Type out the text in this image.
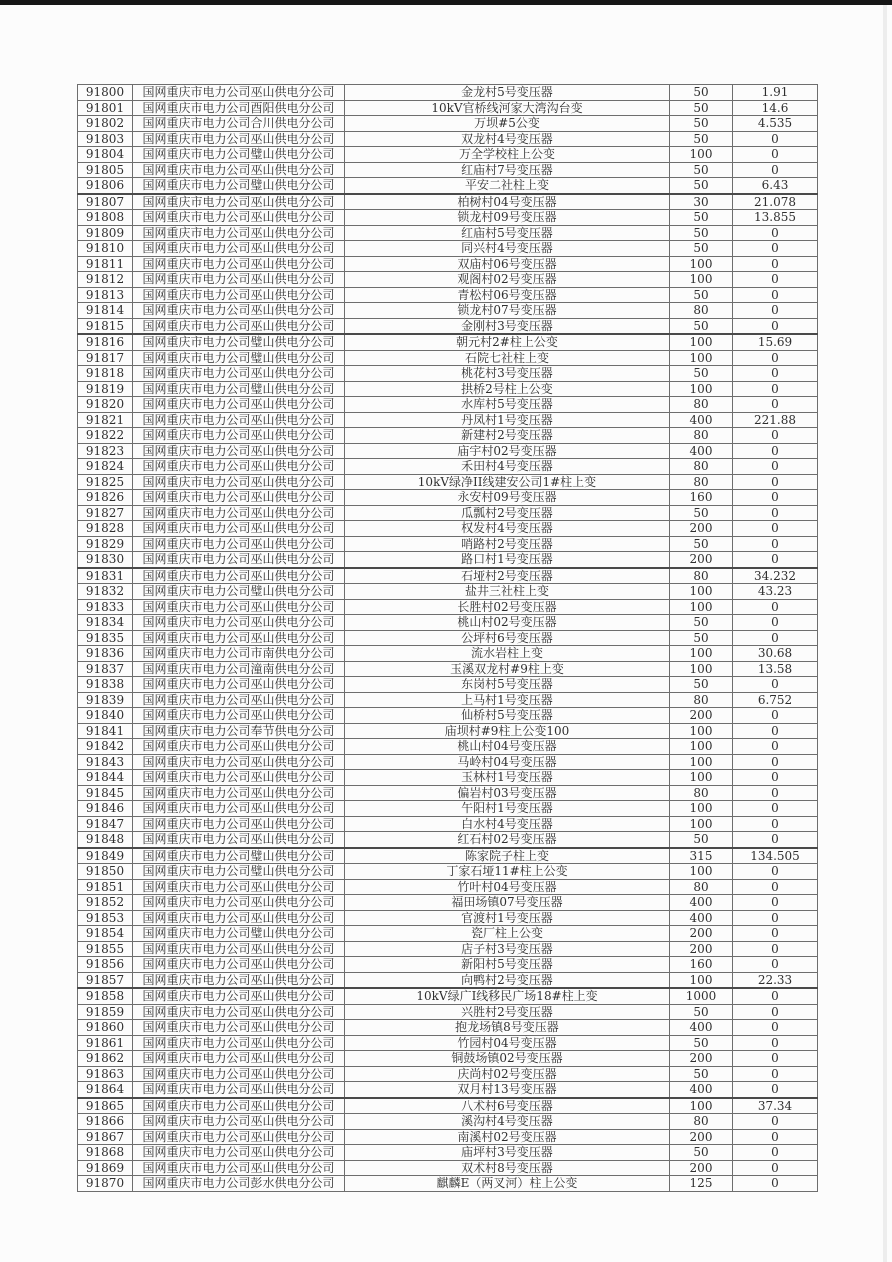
91800	国网重庆市电力公司巫山供电分公司	金龙村5号变压器	50	1.91
91801	国网重庆市电力公司酉阳供电分公司	10kV官桥线河家大湾沟台变	50	14.6
91802	国网重庆市电力公司合川供电分公司	万坝#5公变	50	4.535
91803	国网重庆市电力公司巫山供电分公司	双龙村4号变压器	50	0
91804	国网重庆市电力公司璧山供电分公司	万全学校柱上公变	100	0
91805	国网重庆市电力公司巫山供电分公司	红庙村7号变压器	50	0
91806	国网重庆市电力公司璧山供电分公司	平安二社柱上变	50	6.43
91807	国网重庆市电力公司巫山供电分公司	柏树村04号变压器	30	21.078
91808	国网重庆市电力公司巫山供电分公司	锁龙村09号变压器	50	13.855
91809	国网重庆市电力公司巫山供电分公司	红庙村5号变压器	50	0
91810	国网重庆市电力公司巫山供电分公司	同兴村4号变压器	50	0
91811	国网重庆市电力公司巫山供电分公司	双庙村06号变压器	100	0
91812	国网重庆市电力公司巫山供电分公司	观阁村02号变压器	100	0
91813	国网重庆市电力公司巫山供电分公司	青松村06号变压器	50	0
91814	国网重庆市电力公司巫山供电分公司	锁龙村07号变压器	80	0
91815	国网重庆市电力公司巫山供电分公司	金刚村3号变压器	50	0
91816	国网重庆市电力公司璧山供电分公司	朝元村2#柱上公变	100	15.69
91817	国网重庆市电力公司璧山供电分公司	石院七社柱上变	100	0
91818	国网重庆市电力公司巫山供电分公司	桃花村3号变压器	50	0
91819	国网重庆市电力公司璧山供电分公司	拱桥2号柱上公变	100	0
91820	国网重庆市电力公司巫山供电分公司	水库村5号变压器	80	0
91821	国网重庆市电力公司巫山供电分公司	丹凤村1号变压器	400	221.88
91822	国网重庆市电力公司巫山供电分公司	新建村2号变压器	80	0
91823	国网重庆市电力公司巫山供电分公司	庙宇村02号变压器	400	0
91824	国网重庆市电力公司巫山供电分公司	禾田村4号变压器	80	0
91825	国网重庆市电力公司巫山供电分公司	10kV绿净II线建安公司1#柱上变	80	0
91826	国网重庆市电力公司巫山供电分公司	永安村09号变压器	160	0
91827	国网重庆市电力公司巫山供电分公司	瓜瓢村2号变压器	50	0
91828	国网重庆市电力公司巫山供电分公司	权发村4号变压器	200	0
91829	国网重庆市电力公司巫山供电分公司	哨路村2号变压器	50	0
91830	国网重庆市电力公司巫山供电分公司	路口村1号变压器	200	0
91831	国网重庆市电力公司巫山供电分公司	石垭村2号变压器	80	34.232
91832	国网重庆市电力公司璧山供电分公司	盐井三社柱上变	100	43.23
91833	国网重庆市电力公司巫山供电分公司	长胜村02号变压器	100	0
91834	国网重庆市电力公司巫山供电分公司	桃山村02号变压器	50	0
91835	国网重庆市电力公司巫山供电分公司	公坪村6号变压器	50	0
91836	国网重庆市电力公司市南供电分公司	流水岩柱上变	100	30.68
91837	国网重庆市电力公司潼南供电分公司	玉溪双龙村#9柱上变	100	13.58
91838	国网重庆市电力公司巫山供电分公司	东岗村5号变压器	50	0
91839	国网重庆市电力公司巫山供电分公司	上马村1号变压器	80	6.752
91840	国网重庆市电力公司巫山供电分公司	仙桥村5号变压器	200	0
91841	国网重庆市电力公司奉节供电分公司	庙坝村#9柱上公变100	100	0
91842	国网重庆市电力公司巫山供电分公司	桃山村04号变压器	100	0
91843	国网重庆市电力公司巫山供电分公司	马岭村04号变压器	100	0
91844	国网重庆市电力公司巫山供电分公司	玉林村1号变压器	100	0
91845	国网重庆市电力公司巫山供电分公司	偏岩村03号变压器	80	0
91846	国网重庆市电力公司巫山供电分公司	午阳村1号变压器	100	0
91847	国网重庆市电力公司巫山供电分公司	白水村4号变压器	100	0
91848	国网重庆市电力公司巫山供电分公司	红石村02号变压器	50	0
91849	国网重庆市电力公司璧山供电分公司	陈家院子柱上变	315	134.505
91850	国网重庆市电力公司璧山供电分公司	丁家石垭11#柱上公变	100	0
91851	国网重庆市电力公司巫山供电分公司	竹叶村04号变压器	80	0
91852	国网重庆市电力公司巫山供电分公司	福田场镇07号变压器	400	0
91853	国网重庆市电力公司巫山供电分公司	官渡村1号变压器	400	0
91854	国网重庆市电力公司璧山供电分公司	瓷厂柱上公变	200	0
91855	国网重庆市电力公司巫山供电分公司	店子村3号变压器	200	0
91856	国网重庆市电力公司巫山供电分公司	新阳村5号变压器	160	0
91857	国网重庆市电力公司巫山供电分公司	向鸭村2号变压器	100	22.33
91858	国网重庆市电力公司巫山供电分公司	10kV绿广I线移民广场18#柱上变	1000	0
91859	国网重庆市电力公司巫山供电分公司	兴胜村2号变压器	50	0
91860	国网重庆市电力公司巫山供电分公司	抱龙场镇8号变压器	400	0
91861	国网重庆市电力公司巫山供电分公司	竹园村04号变压器	50	0
91862	国网重庆市电力公司巫山供电分公司	铜鼓场镇02号变压器	200	0
91863	国网重庆市电力公司巫山供电分公司	庆尚村02号变压器	50	0
91864	国网重庆市电力公司巫山供电分公司	双月村13号变压器	400	0
91865	国网重庆市电力公司巫山供电分公司	八术村6号变压器	100	37.34
91866	国网重庆市电力公司巫山供电分公司	溪沟村4号变压器	80	0
91867	国网重庆市电力公司巫山供电分公司	南溪村02号变压器	200	0
91868	国网重庆市电力公司巫山供电分公司	庙坪村3号变压器	50	0
91869	国网重庆市电力公司巫山供电分公司	双术村8号变压器	200	0
91870	国网重庆市电力公司彭水供电分公司	麒麟E（两叉河）柱上公变	125	0
